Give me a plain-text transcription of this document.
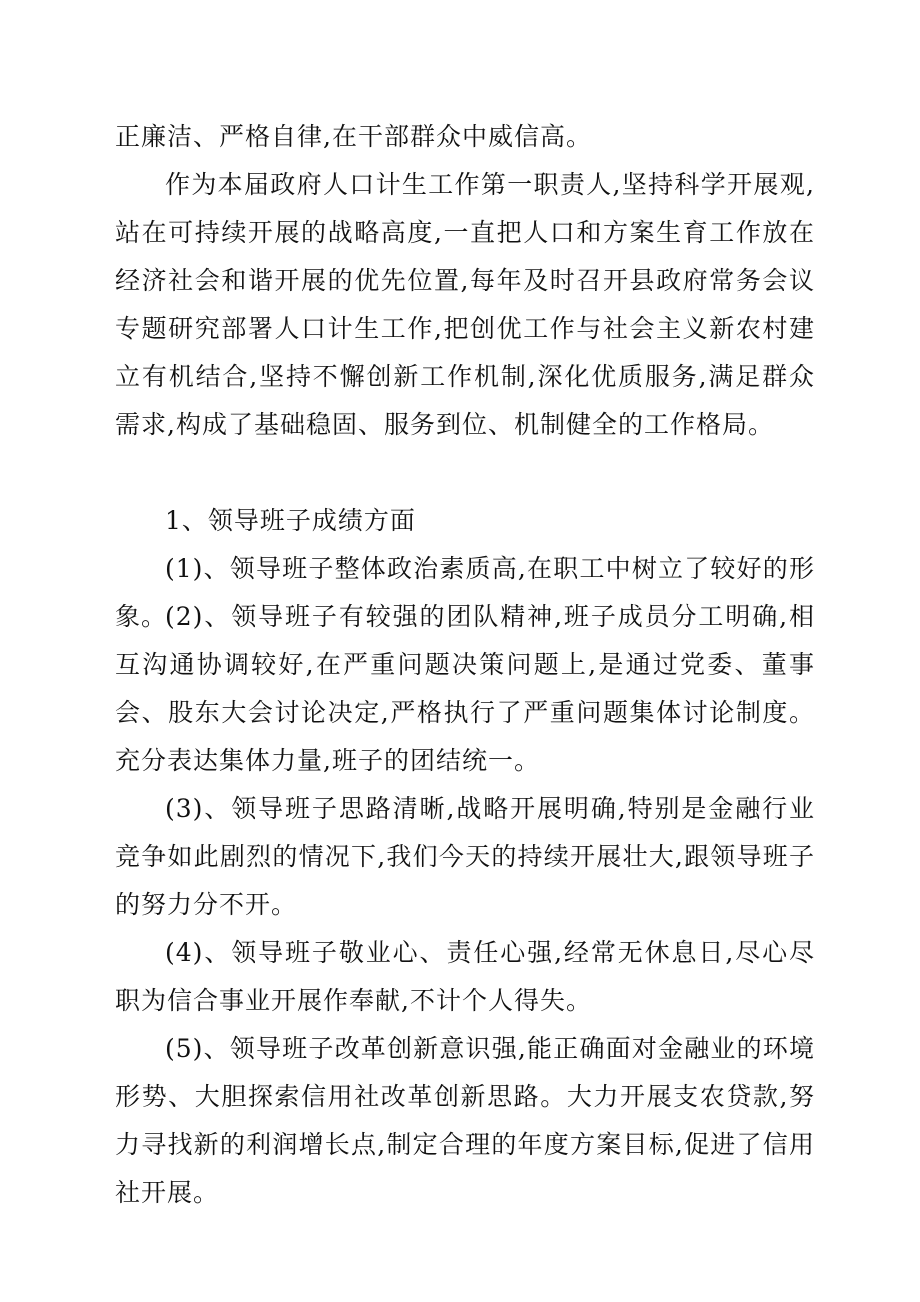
正廉洁、严格自律,在干部群众中威信高。

作为本届政府人口计生工作第一职责人,坚持科学开展观,站在可持续开展的战略高度,一直把人口和方案生育工作放在经济社会和谐开展的优先位置,每年及时召开县政府常务会议专题研究部署人口计生工作,把创优工作与社会主义新农村建立有机结合,坚持不懈创新工作机制,深化优质服务,满足群众需求,构成了基础稳固、服务到位、机制健全的工作格局。

1、领导班子成绩方面

(1)、领导班子整体政治素质高,在职工中树立了较好的形象。

(2)、领导班子有较强的团队精神,班子成员分工明确,相互沟通协调较好,在严重问题决策问题上,是通过党委、董事会、股东大会讨论决定,严格执行了严重问题集体讨论制度。充分表达集体力量,班子的团结统一。

(3)、领导班子思路清晰,战略开展明确,特别是金融行业竞争如此剧烈的情况下,我们今天的持续开展壮大,跟领导班子的努力分不开。

(4)、领导班子敬业心、责任心强,经常无休息日,尽心尽职为信合事业开展作奉献,不计个人得失。

(5)、领导班子改革创新意识强,能正确面对金融业的环境形势、大胆探索信用社改革创新思路。大力开展支农贷款,努力寻找新的利润增长点,制定合理的年度方案目标,促进了信用社开展。
